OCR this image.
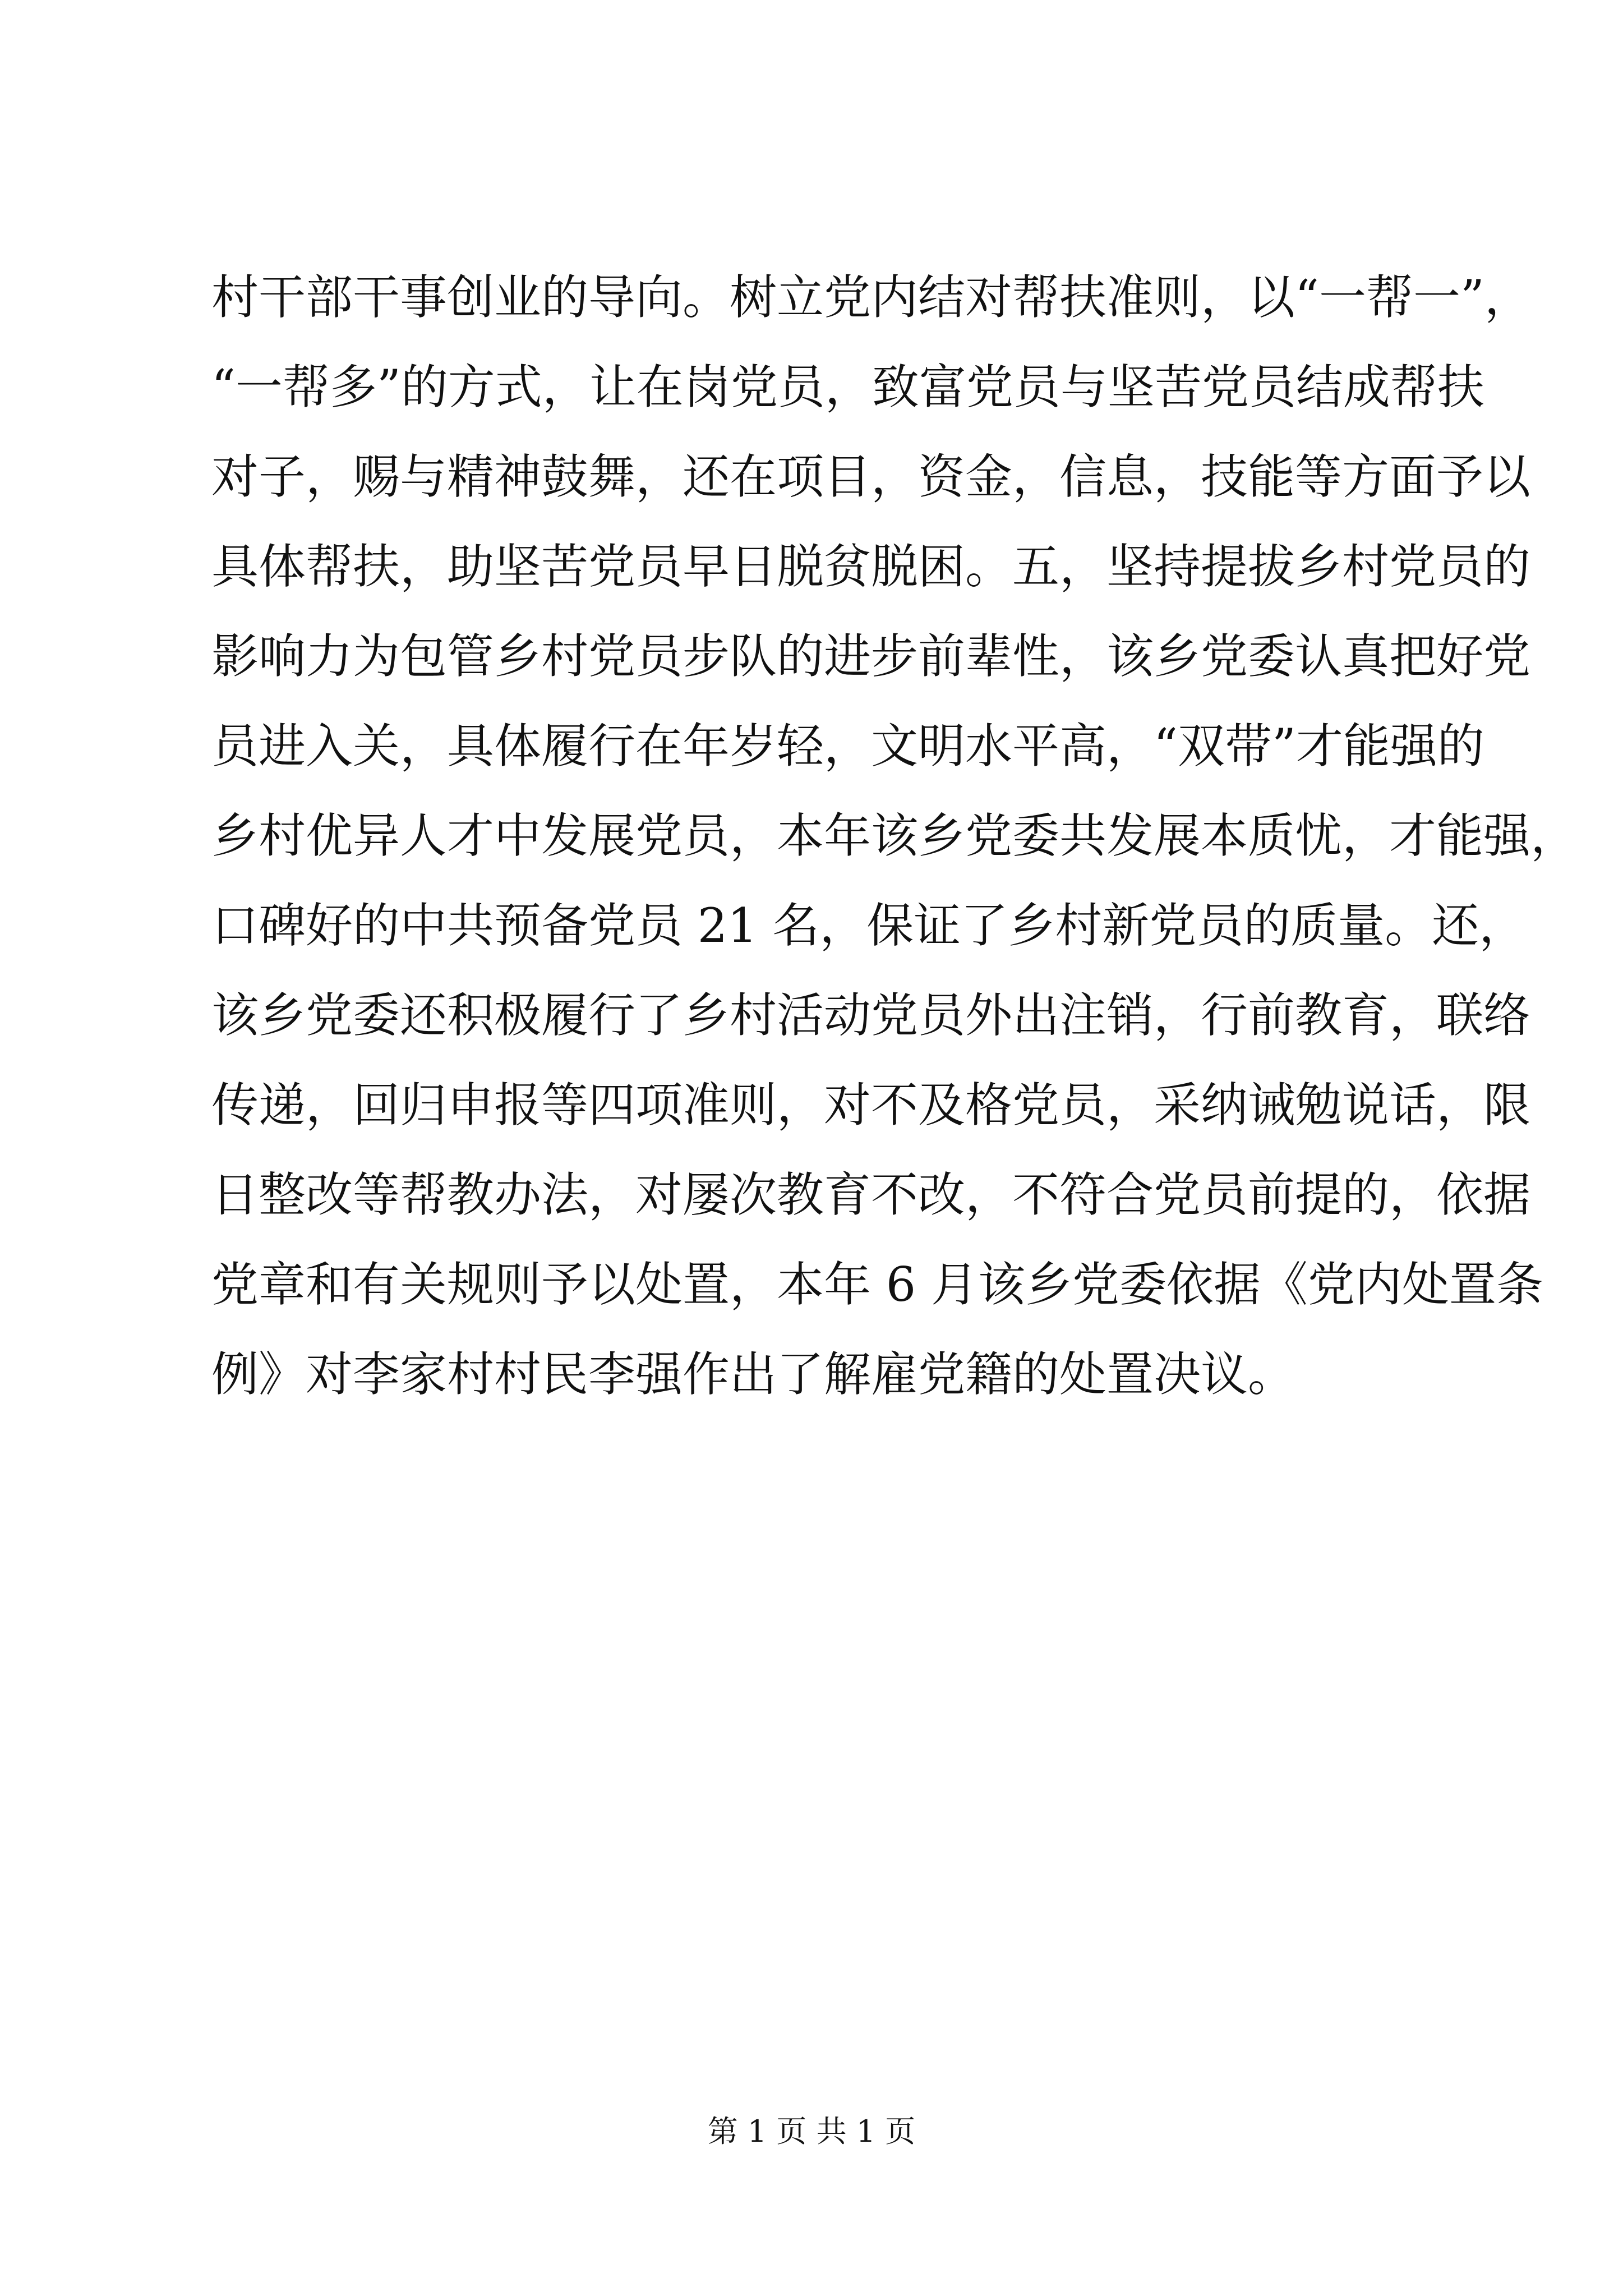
村干部干事创业的导向。树立党内结对帮扶准则，以“一帮一”，
“一帮多”的方式，让在岗党员，致富党员与坚苦党员结成帮扶
对子，赐与精神鼓舞，还在项目，资金，信息，技能等方面予以
具体帮扶，助坚苦党员早日脱贫脱困。五，坚持提拔乡村党员的
影响力为包管乡村党员步队的进步前辈性，该乡党委认真把好党
员进入关，具体履行在年岁轻，文明水平高，“双带”才能强的
乡村优异人才中发展党员，本年该乡党委共发展本质忧，才能强，
口碑好的中共预备党员 21 名，保证了乡村新党员的质量。还，
该乡党委还积极履行了乡村活动党员外出注销，行前教育，联络
传递，回归申报等四项准则，对不及格党员，采纳诫勉说话，限
日整改等帮教办法，对屡次教育不改，不符合党员前提的，依据
党章和有关规则予以处置，本年 6 月该乡党委依据《党内处置条
例》对李家村村民李强作出了解雇党籍的处置决议。
第 1 页 共 1 页
